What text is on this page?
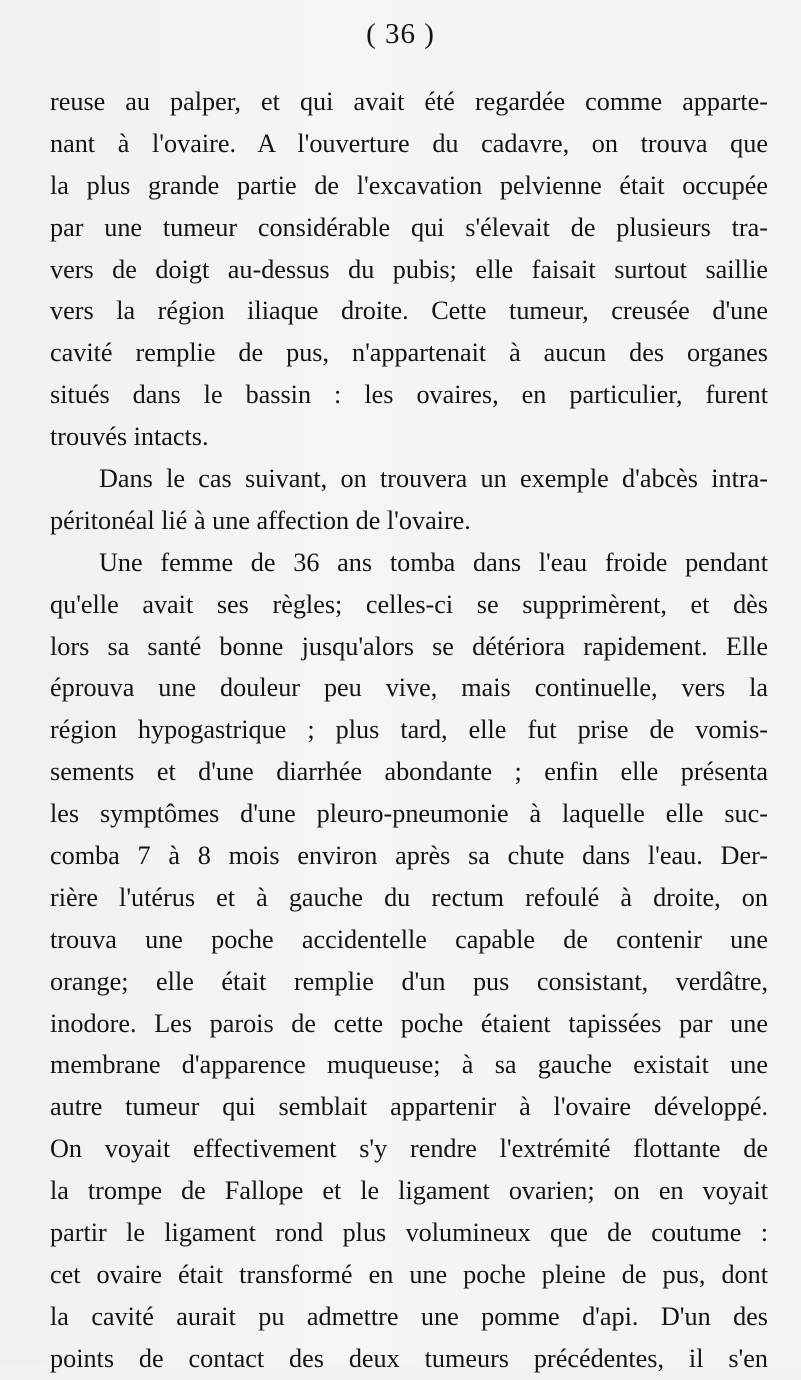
( 36 )
reuse au palper, et qui avait été regardée comme apparte-
nant à l'ovaire. A l'ouverture du cadavre, on trouva que
la plus grande partie de l'excavation pelvienne était occupée
par une tumeur considérable qui s'élevait de plusieurs tra-
vers de doigt au-dessus du pubis; elle faisait surtout saillie
vers la région iliaque droite. Cette tumeur, creusée d'une
cavité remplie de pus, n'appartenait à aucun des organes
situés dans le bassin : les ovaires, en particulier, furent
trouvés intacts.
Dans le cas suivant, on trouvera un exemple d'abcès intra-
péritonéal lié à une affection de l'ovaire.
Une femme de 36 ans tomba dans l'eau froide pendant
qu'elle avait ses règles; celles-ci se supprimèrent, et dès
lors sa santé bonne jusqu'alors se détériora rapidement. Elle
éprouva une douleur peu vive, mais continuelle, vers la
région hypogastrique ; plus tard, elle fut prise de vomis-
sements et d'une diarrhée abondante ; enfin elle présenta
les symptômes d'une pleuro-pneumonie à laquelle elle suc-
comba 7 à 8 mois environ après sa chute dans l'eau. Der-
rière l'utérus et à gauche du rectum refoulé à droite, on
trouva une poche accidentelle capable de contenir une
orange; elle était remplie d'un pus consistant, verdâtre,
inodore. Les parois de cette poche étaient tapissées par une
membrane d'apparence muqueuse; à sa gauche existait une
autre tumeur qui semblait appartenir à l'ovaire développé.
On voyait effectivement s'y rendre l'extrémité flottante de
la trompe de Fallope et le ligament ovarien; on en voyait
partir le ligament rond plus volumineux que de coutume :
cet ovaire était transformé en une poche pleine de pus, dont
la cavité aurait pu admettre une pomme d'api. D'un des
points de contact des deux tumeurs précédentes, il s'en
